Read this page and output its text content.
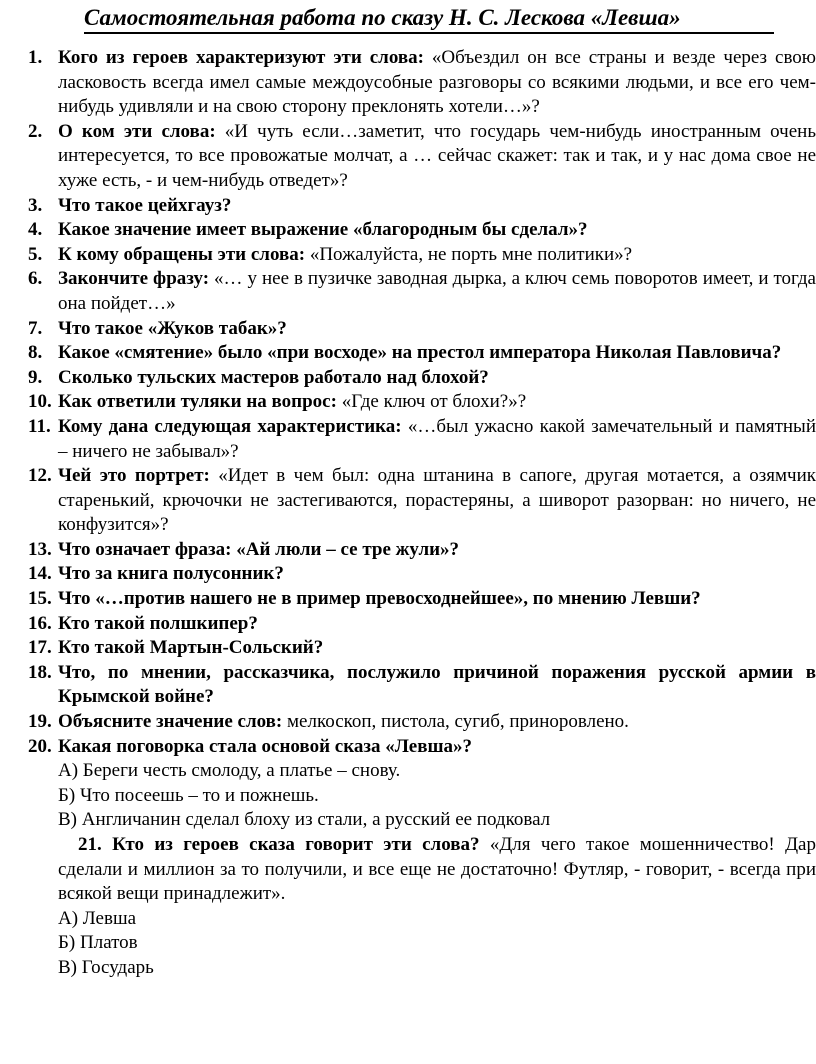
Самостоятельная работа по сказу Н. С. Лескова «Левша»
1. Кого из героев характеризуют эти слова: «Объездил он все страны и везде через свою ласковость всегда имел самые междоусобные разговоры со всякими людьми, и все его чем-нибудь удивляли и на свою сторону преклонять хотели…»?
2. О ком эти слова: «И чуть если…заметит, что государь чем-нибудь иностранным очень интересуется, то все провожатые молчат, а … сейчас скажет: так и так, и у нас дома свое не хуже есть, - и чем-нибудь отведет»?
3. Что такое цейхгауз?
4. Какое значение имеет выражение «благородным бы сделал»?
5. К кому обращены эти слова: «Пожалуйста, не порть мне политики»?
6. Закончите фразу: «… у нее в пузичке заводная дырка, а ключ семь поворотов имеет, и тогда она пойдет…»
7. Что такое «Жуков табак»?
8. Какое «смятение» было «при восходе» на престол императора Николая Павловича?
9. Сколько тульских мастеров работало над блохой?
10. Как ответили туляки на вопрос: «Где ключ от блохи?»?
11. Кому дана следующая характеристика: «…был ужасно какой замечательный и памятный – ничего не забывал»?
12. Чей это портрет: «Идет в чем был: одна штанина в сапоге, другая мотается, а озямчик старенький, крючочки не застегиваются, порастеряны, а шиворот разорван: но ничего, не конфузится»?
13. Что означает фраза: «Ай люли – се тре жули»?
14. Что за книга полусонник?
15. Что «…против нашего не в пример превосходнейшее», по мнению Левши?
16. Кто такой полшкипер?
17. Кто такой Мартын-Сольский?
18. Что, по мнении, рассказчика, послужило причиной поражения русской армии в Крымской войне?
19. Объясните значение слов: мелкоскоп, пистола, сугиб, приноровлено.
20. Какая поговорка стала основой сказа «Левша»?
А) Береги честь смолоду, а платье – снову.
Б) Что посеешь – то и пожнешь.
В) Англичанин сделал блоху из стали, а русский ее подковал
21. Кто из героев сказа говорит эти слова? «Для чего такое мошенничество! Дар сделали и миллион за то получили, и все еще не достаточно! Футляр, - говорит, - всегда при всякой вещи принадлежит».
А) Левша
Б) Платов
В) Государь
